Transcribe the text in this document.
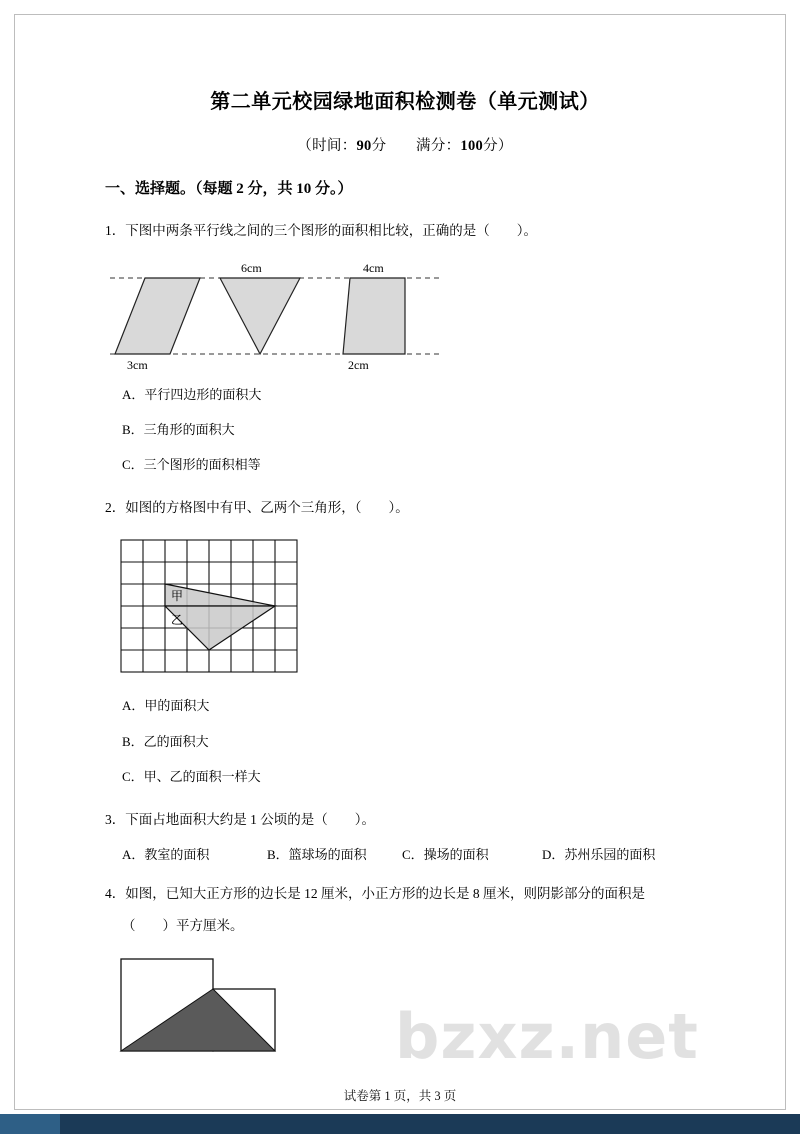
第二单元校园绿地面积检测卷（单元测试）
（时间：90分　　满分：100分）
一、选择题。（每题 2 分，共 10 分。）
1．下图中两条平行线之间的三个图形的面积相比较，正确的是（　　）。
6cm	4cm
3cm	2cm
A．平行四边形的面积大
B．三角形的面积大
C．三个图形的面积相等
2．如图的方格图中有甲、乙两个三角形，（　　）。
甲
乙
A．甲的面积大
B．乙的面积大
C．甲、乙的面积一样大
3．下面占地面积大约是 1 公顷的是（　　）。
A．教室的面积	B．篮球场的面积	C．操场的面积	D．苏州乐园的面积
4．如图，已知大正方形的边长是 12 厘米，小正方形的边长是 8 厘米，则阴影部分的面积是
（　　）平方厘米。
bzxz.net
试卷第 1 页，共 3 页
